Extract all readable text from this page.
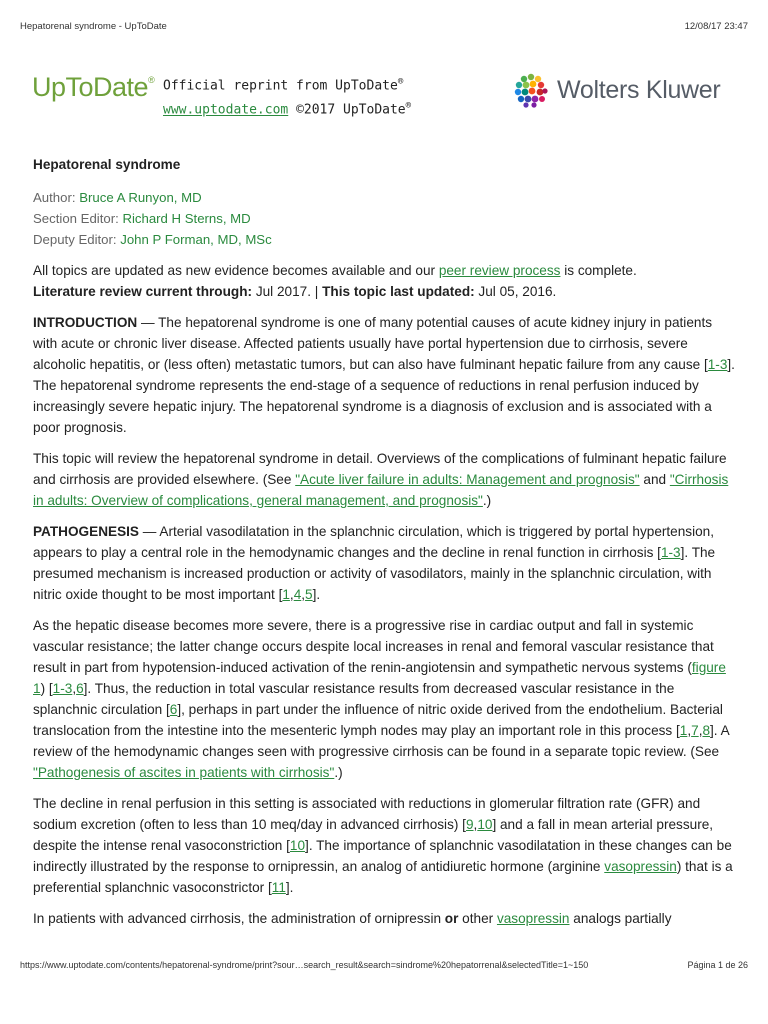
Hepatorenal syndrome - UpToDate	12/08/17 23:47
UpToDate® Official reprint from UpToDate®
www.uptodate.com ©2017 UpToDate®
Wolters Kluwer

Hepatorenal syndrome

Author: Bruce A Runyon, MD

Section Editor: Richard H Sterns, MD

Deputy Editor: John P Forman, MD, MSc

All topics are updated as new evidence becomes available and our peer review process is complete.

Literature review current through: Jul 2017. | This topic last updated: Jul 05, 2016.

INTRODUCTION — The hepatorenal syndrome is one of many potential causes of acute kidney injury in patients with acute or chronic liver disease. Affected patients usually have portal hypertension due to cirrhosis, severe alcoholic hepatitis, or (less often) metastatic tumors, but can also have fulminant hepatic failure from any cause [1-3]. The hepatorenal syndrome represents the end-stage of a sequence of reductions in renal perfusion induced by increasingly severe hepatic injury. The hepatorenal syndrome is a diagnosis of exclusion and is associated with a poor prognosis.

This topic will review the hepatorenal syndrome in detail. Overviews of the complications of fulminant hepatic failure and cirrhosis are provided elsewhere. (See "Acute liver failure in adults: Management and prognosis" and "Cirrhosis in adults: Overview of complications, general management, and prognosis".)

PATHOGENESIS — Arterial vasodilatation in the splanchnic circulation, which is triggered by portal hypertension, appears to play a central role in the hemodynamic changes and the decline in renal function in cirrhosis [1-3]. The presumed mechanism is increased production or activity of vasodilators, mainly in the splanchnic circulation, with nitric oxide thought to be most important [1,4,5].

As the hepatic disease becomes more severe, there is a progressive rise in cardiac output and fall in systemic vascular resistance; the latter change occurs despite local increases in renal and femoral vascular resistance that result in part from hypotension-induced activation of the renin-angiotensin and sympathetic nervous systems (figure 1) [1-3,6]. Thus, the reduction in total vascular resistance results from decreased vascular resistance in the splanchnic circulation [6], perhaps in part under the influence of nitric oxide derived from the endothelium. Bacterial translocation from the intestine into the mesenteric lymph nodes may play an important role in this process [1,7,8]. A review of the hemodynamic changes seen with progressive cirrhosis can be found in a separate topic review. (See "Pathogenesis of ascites in patients with cirrhosis".)

The decline in renal perfusion in this setting is associated with reductions in glomerular filtration rate (GFR) and sodium excretion (often to less than 10 meq/day in advanced cirrhosis) [9,10] and a fall in mean arterial pressure, despite the intense renal vasoconstriction [10]. The importance of splanchnic vasodilatation in these changes can be indirectly illustrated by the response to ornipressin, an analog of antidiuretic hormone (arginine vasopressin) that is a preferential splanchnic vasoconstrictor [11].

In patients with advanced cirrhosis, the administration of ornipressin or other vasopressin analogs partially

https://www.uptodate.com/contents/hepatorenal-syndrome/print?sour…search_result&search=sindrome%20hepatorrenal&selectedTitle=1~150	Página 1 de 26
